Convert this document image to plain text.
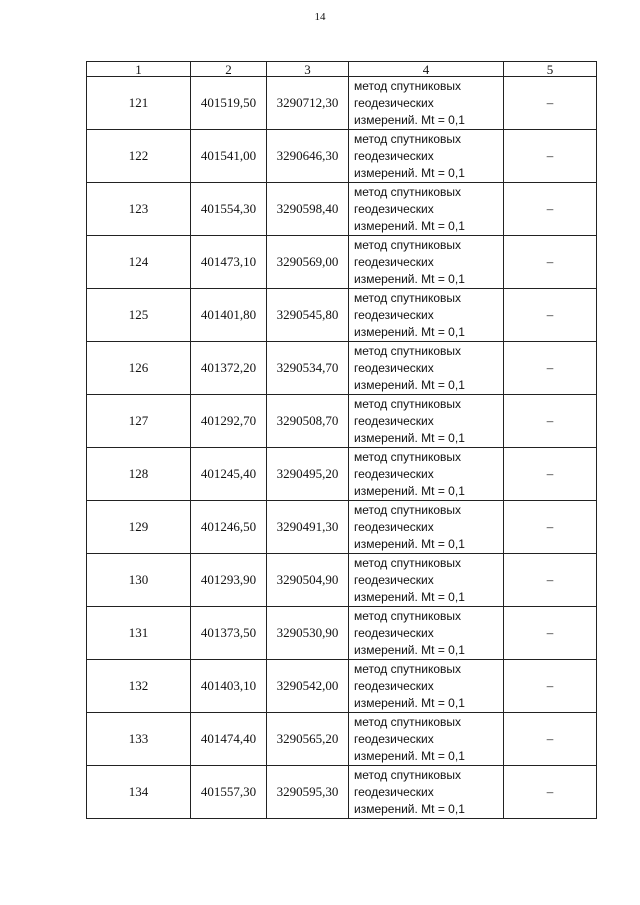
14
1	2	3	4	5
121	401519,50	3290712,30	метод спутниковых
геодезических
измерений. Mt = 0,1	–
122	401541,00	3290646,30	метод спутниковых
геодезических
измерений. Mt = 0,1	–
123	401554,30	3290598,40	метод спутниковых
геодезических
измерений. Mt = 0,1	–
124	401473,10	3290569,00	метод спутниковых
геодезических
измерений. Mt = 0,1	–
125	401401,80	3290545,80	метод спутниковых
геодезических
измерений. Mt = 0,1	–
126	401372,20	3290534,70	метод спутниковых
геодезических
измерений. Mt = 0,1	–
127	401292,70	3290508,70	метод спутниковых
геодезических
измерений. Mt = 0,1	–
128	401245,40	3290495,20	метод спутниковых
геодезических
измерений. Mt = 0,1	–
129	401246,50	3290491,30	метод спутниковых
геодезических
измерений. Mt = 0,1	–
130	401293,90	3290504,90	метод спутниковых
геодезических
измерений. Mt = 0,1	–
131	401373,50	3290530,90	метод спутниковых
геодезических
измерений. Mt = 0,1	–
132	401403,10	3290542,00	метод спутниковых
геодезических
измерений. Mt = 0,1	–
133	401474,40	3290565,20	метод спутниковых
геодезических
измерений. Mt = 0,1	–
134	401557,30	3290595,30	метод спутниковых
геодезических
измерений. Mt = 0,1	–
